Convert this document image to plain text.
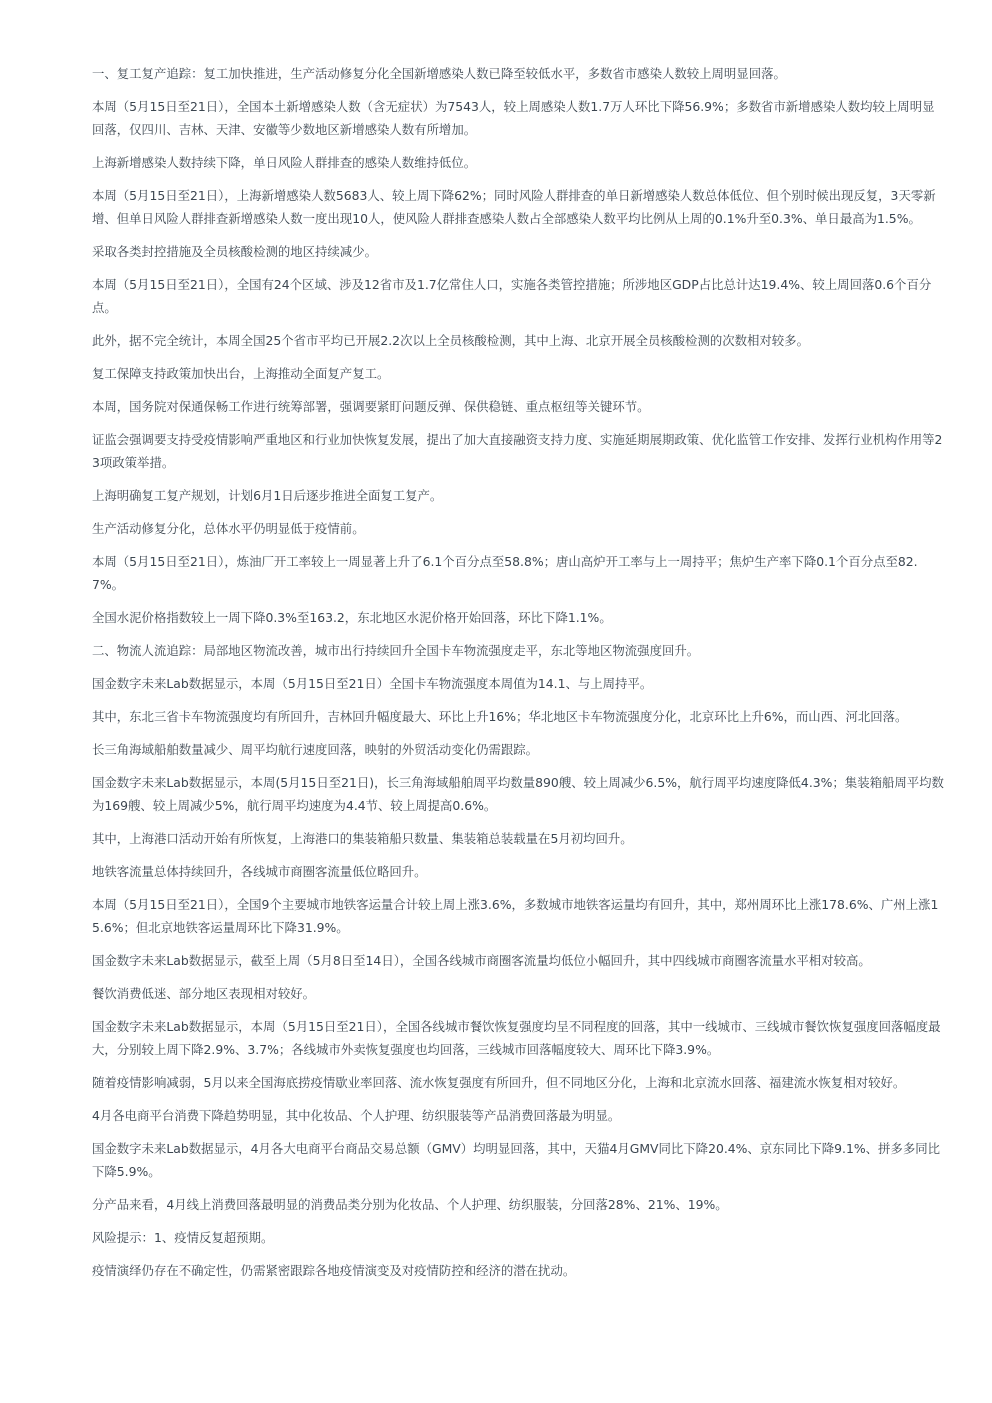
一、复工复产追踪：复工加快推进，生产活动修复分化全国新增感染人数已降至较低水平，多数省市感染人数较上周明显回落。

本周（5月15日至21日），全国本土新增感染人数（含无症状）为7543人，较上周感染人数1.7万人环比下降56.9%；多数省市新增感染人数均较上周明显回落，仅四川、吉林、天津、安徽等少数地区新增感染人数有所增加。

上海新增感染人数持续下降，单日风险人群排查的感染人数维持低位。

本周（5月15日至21日），上海新增感染人数5683人、较上周下降62%；同时风险人群排查的单日新增感染人数总体低位、但个别时候出现反复，3天零新增、但单日风险人群排查新增感染人数一度出现10人，使风险人群排查感染人数占全部感染人数平均比例从上周的0.1%升至0.3%、单日最高为1.5%。

采取各类封控措施及全员核酸检测的地区持续减少。

本周（5月15日至21日），全国有24个区域、涉及12省市及1.7亿常住人口，实施各类管控措施；所涉地区GDP占比总计达19.4%、较上周回落0.6个百分点。

此外，据不完全统计，本周全国25个省市平均已开展2.2次以上全员核酸检测，其中上海、北京开展全员核酸检测的次数相对较多。

复工保障支持政策加快出台，上海推动全面复产复工。

本周，国务院对保通保畅工作进行统筹部署，强调要紧盯问题反弹、保供稳链、重点枢纽等关键环节。

证监会强调要支持受疫情影响严重地区和行业加快恢复发展，提出了加大直接融资支持力度、实施延期展期政策、优化监管工作安排、发挥行业机构作用等23项政策举措。

上海明确复工复产规划，计划6月1日后逐步推进全面复工复产。

生产活动修复分化，总体水平仍明显低于疫情前。

本周（5月15日至21日），炼油厂开工率较上一周显著上升了6.1个百分点至58.8%；唐山高炉开工率与上一周持平；焦炉生产率下降0.1个百分点至82.7%。

全国水泥价格指数较上一周下降0.3%至163.2，东北地区水泥价格开始回落，环比下降1.1%。

二、物流人流追踪：局部地区物流改善，城市出行持续回升全国卡车物流强度走平，东北等地区物流强度回升。

国金数字未来Lab数据显示，本周（5月15日至21日）全国卡车物流强度本周值为14.1、与上周持平。

其中，东北三省卡车物流强度均有所回升，吉林回升幅度最大、环比上升16%；华北地区卡车物流强度分化，北京环比上升6%，而山西、河北回落。

长三角海域船舶数量减少、周平均航行速度回落，映射的外贸活动变化仍需跟踪。

国金数字未来Lab数据显示，本周(5月15日至21日)，长三角海域船舶周平均数量890艘、较上周减少6.5%，航行周平均速度降低4.3%；集装箱船周平均数为169艘、较上周减少5%，航行周平均速度为4.4节、较上周提高0.6%。

其中，上海港口活动开始有所恢复，上海港口的集装箱船只数量、集装箱总装载量在5月初均回升。

地铁客流量总体持续回升，各线城市商圈客流量低位略回升。

本周（5月15日至21日），全国9个主要城市地铁客运量合计较上周上涨3.6%，多数城市地铁客运量均有回升，其中，郑州周环比上涨178.6%、广州上涨15.6%；但北京地铁客运量周环比下降31.9%。

国金数字未来Lab数据显示，截至上周（5月8日至14日），全国各线城市商圈客流量均低位小幅回升，其中四线城市商圈客流量水平相对较高。

餐饮消费低迷、部分地区表现相对较好。

国金数字未来Lab数据显示，本周（5月15日至21日），全国各线城市餐饮恢复强度均呈不同程度的回落，其中一线城市、三线城市餐饮恢复强度回落幅度最大，分别较上周下降2.9%、3.7%；各线城市外卖恢复强度也均回落，三线城市回落幅度较大、周环比下降3.9%。

随着疫情影响减弱，5月以来全国海底捞疫情歇业率回落、流水恢复强度有所回升，但不同地区分化，上海和北京流水回落、福建流水恢复相对较好。

4月各电商平台消费下降趋势明显，其中化妆品、个人护理、纺织服装等产品消费回落最为明显。

国金数字未来Lab数据显示，4月各大电商平台商品交易总额（GMV）均明显回落，其中，天猫4月GMV同比下降20.4%、京东同比下降9.1%、拼多多同比下降5.9%。

分产品来看，4月线上消费回落最明显的消费品类分别为化妆品、个人护理、纺织服装，分回落28%、21%、19%。

风险提示：1、疫情反复超预期。

疫情演绎仍存在不确定性，仍需紧密跟踪各地疫情演变及对疫情防控和经济的潜在扰动。
